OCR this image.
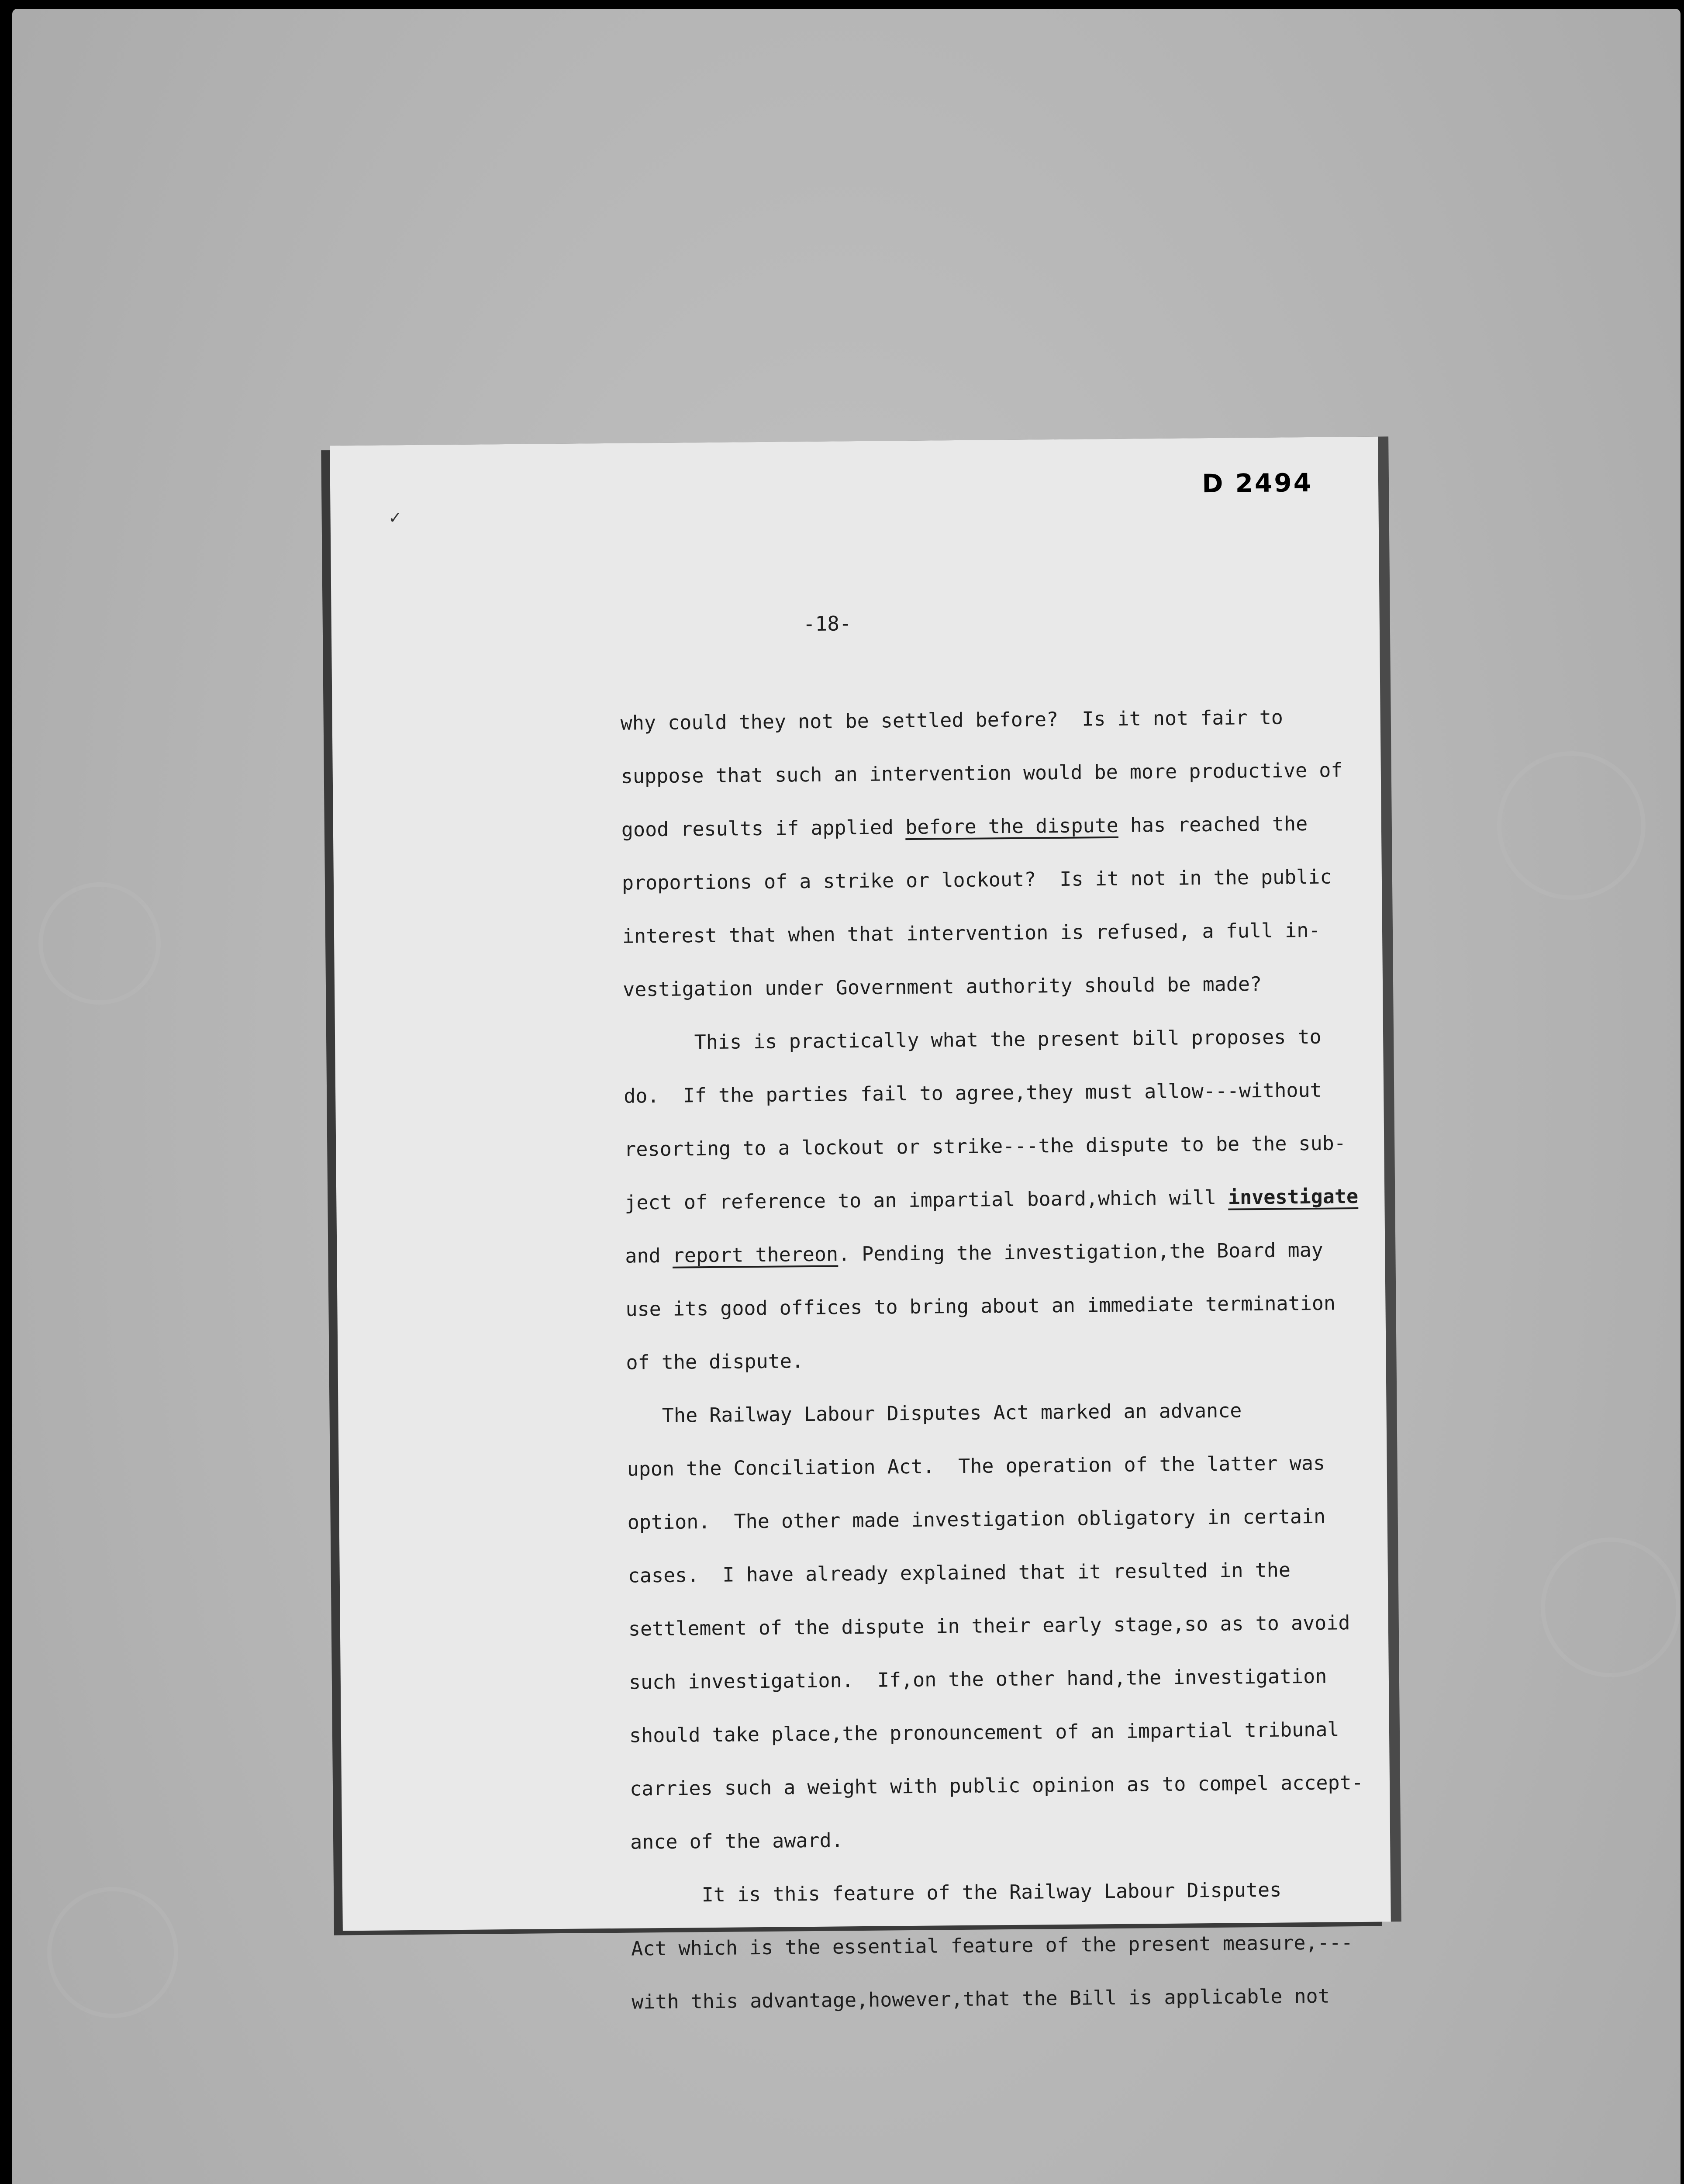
D 2494
✓
-18-
why could they not be settled before?  Is it not fair to
suppose that such an intervention would be more productive of
good results if applied before the dispute has reached the
proportions of a strike or lockout?  Is it not in the public
interest that when that intervention is refused, a full in-
vestigation under Government authority should be made?
This is practically what the present bill proposes to
do.  If the parties fail to agree,they must allow---without
resorting to a lockout or strike---the dispute to be the sub-
ject of reference to an impartial board,which will investigate
and report thereon. Pending the investigation,the Board may
use its good offices to bring about an immediate termination
of the dispute.
The Railway Labour Disputes Act marked an advance
upon the Conciliation Act.  The operation of the latter was
option.  The other made investigation obligatory in certain
cases.  I have already explained that it resulted in the
settlement of the dispute in their early stage,so as to avoid
such investigation.  If,on the other hand,the investigation
should take place,the pronouncement of an impartial tribunal
carries such a weight with public opinion as to compel accept-
ance of the award.
It is this feature of the Railway Labour Disputes
Act which is the essential feature of the present measure,---
with this advantage,however,that the Bill is applicable not
